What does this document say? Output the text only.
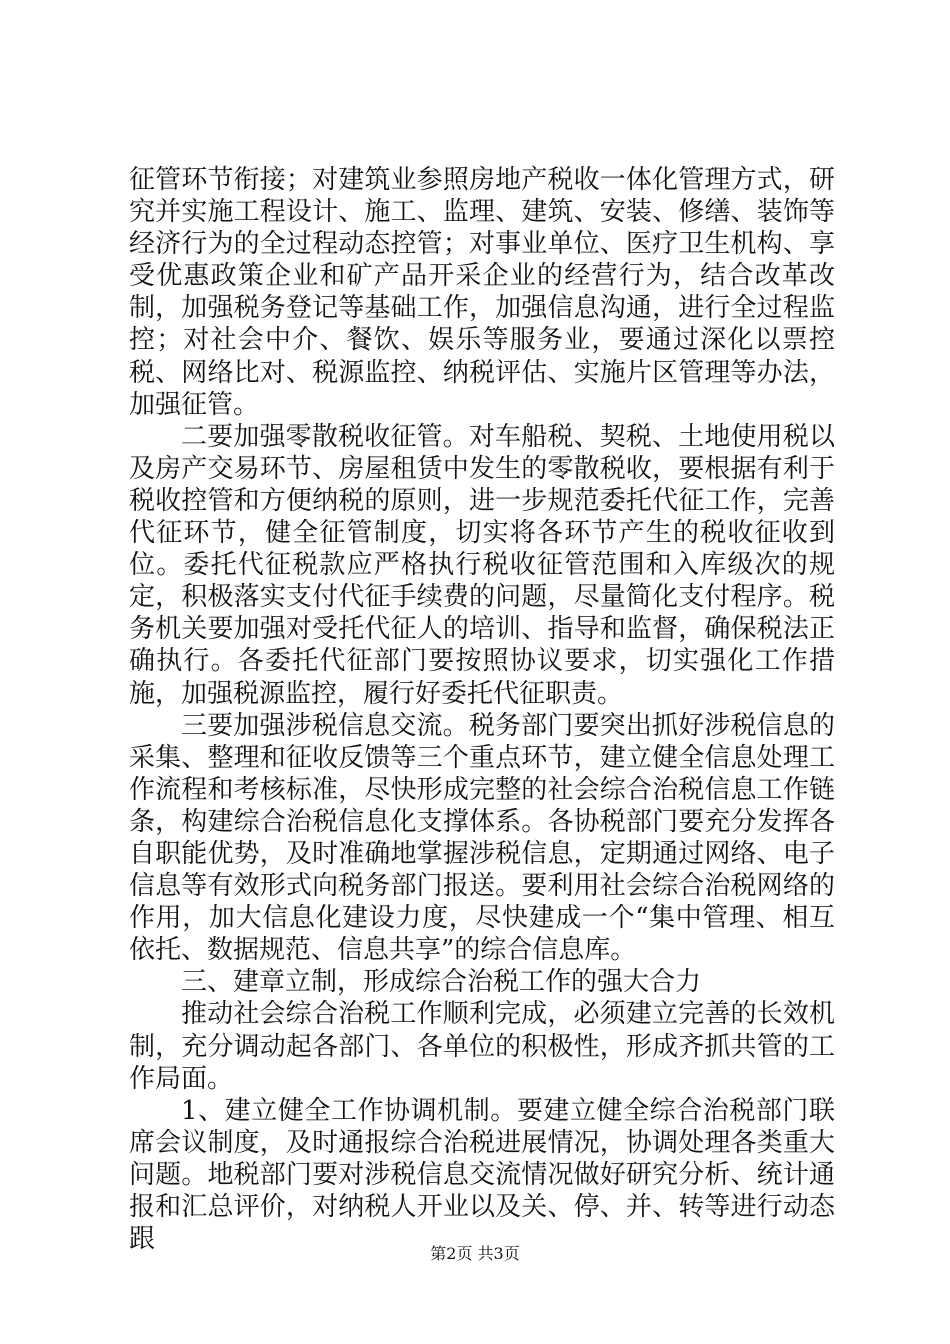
征管环节衔接；对建筑业参照房地产税收一体化管理方式，研究并实施工程设计、施工、监理、建筑、安装、修缮、装饰等经济行为的全过程动态控管；对事业单位、医疗卫生机构、享受优惠政策企业和矿产品开采企业的经营行为，结合改革改制，加强税务登记等基础工作，加强信息沟通，进行全过程监控；对社会中介、餐饮、娱乐等服务业，要通过深化以票控税、网络比对、税源监控、纳税评估、实施片区管理等办法，加强征管。

二要加强零散税收征管。对车船税、契税、土地使用税以及房产交易环节、房屋租赁中发生的零散税收，要根据有利于税收控管和方便纳税的原则，进一步规范委托代征工作，完善代征环节，健全征管制度，切实将各环节产生的税收征收到位。委托代征税款应严格执行税收征管范围和入库级次的规定，积极落实支付代征手续费的问题，尽量简化支付程序。税务机关要加强对受托代征人的培训、指导和监督，确保税法正确执行。各委托代征部门要按照协议要求，切实强化工作措施，加强税源监控，履行好委托代征职责。

三要加强涉税信息交流。税务部门要突出抓好涉税信息的采集、整理和征收反馈等三个重点环节，建立健全信息处理工作流程和考核标准，尽快形成完整的社会综合治税信息工作链条，构建综合治税信息化支撑体系。各协税部门要充分发挥各自职能优势，及时准确地掌握涉税信息，定期通过网络、电子信息等有效形式向税务部门报送。要利用社会综合治税网络的作用，加大信息化建设力度，尽快建成一个“集中管理、相互依托、数据规范、信息共享”的综合信息库。

三、建章立制，形成综合治税工作的强大合力

推动社会综合治税工作顺利完成，必须建立完善的长效机制，充分调动起各部门、各单位的积极性，形成齐抓共管的工作局面。

1、建立健全工作协调机制。要建立健全综合治税部门联席会议制度，及时通报综合治税进展情况，协调处理各类重大问题。地税部门要对涉税信息交流情况做好研究分析、统计通报和汇总评价，对纳税人开业以及关、停、并、转等进行动态跟	第2页 共3页
